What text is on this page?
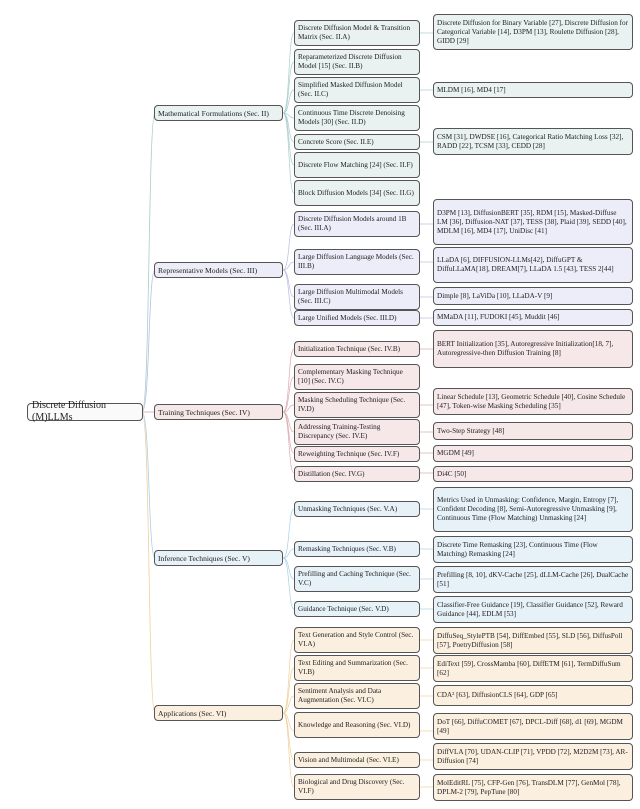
Discrete Diffusion (M)LLMs
Mathematical Formulations (Sec. II)
Representative Models (Sec. III)
Training Techniques (Sec. IV)
Inference Techniques (Sec. V)
Applications (Sec. VI)
Discrete Diffusion Model & Transition Matrix (Sec. II.A)
Reparameterized Discrete Diffusion Model [15] (Sec. II.B)
Simplified Masked Diffusion Model (Sec. II.C)
Continuous Time Discrete Denoising Models [30] (Sec. II.D)
Concrete Score (Sec. II.E)
Discrete Flow Matching [24] (Sec. II.F)
Block Diffusion Models [34] (Sec. II.G)
Discrete Diffusion Models around 1B (Sec. III.A)
Large Diffusion Language Models (Sec. III.B)
Large Diffusion Multimodal Models (Sec. III.C)
Large Unified Models (Sec. III.D)
Initialization Technique (Sec. IV.B)
Complementary Masking Technique [10] (Sec. IV.C)
Masking Scheduling Technique (Sec. IV.D)
Addressing Training-Testing Discrepancy (Sec. IV.E)
Reweighting Technique (Sec. IV.F)
Distillation (Sec. IV.G)
Unmasking Techniques (Sec. V.A)
Remasking Techniques (Sec. V.B)
Prefilling and Caching Technique (Sec. V.C)
Guidance Technique (Sec. V.D)
Text Generation and Style Control (Sec. VI.A)
Text Editing and Summarization (Sec. VI.B)
Sentiment Analysis and Data Augmentation (Sec. VI.C)
Knowledge and Reasoning (Sec. VI.D)
Vision and Multimodal (Sec. VI.E)
Biological and Drug Discovery (Sec. VI.F)
Discrete Diffusion for Binary Variable [27], Discrete Diffusion for Categorical Variable [14], D3PM [13], Roulette Diffusion [28], GIDD [29]
MLDM [16], MD4 [17]
CSM [31], DWDSE [16], Categorical Ratio Matching Loss [32], RADD [22], TCSM [33], CEDD [28]
D3PM [13], DiffusionBERT [35], RDM [15], Masked-Diffuse LM [36], Diffusion-NAT [37], TESS [38], Plaid [39], SEDD [40], MDLM [16], MD4 [17], UniDisc [41]
LLaDA [6], DIFFUSION-LLMs[42], DiffuGPT & DiffuLLaMA[18], DREAM[7], LLaDA 1.5 [43], TESS 2[44]
Dimple [8], LaViDa [10], LLaDA-V [9]
MMaDA [11], FUDOKI [45], Muddit [46]
BERT Initialization [35], Autoregressive Initialization[18, 7], Autoregressive-then Diffusion Training [8]
Linear Schedule [13], Geometric Schedule [40], Cosine Schedule [47], Token-wise Masking Scheduling [35]
Two-Step Strategy [48]
MGDM [49]
Di4C [50]
Metrics Used in Unmasking: Confidence, Margin, Entropy [7], Confident Decoding [8], Semi-Autoregressive Unmasking [9], Continuous Time (Flow Matching) Unmasking [24]
Discrete Time Remasking [23], Continuous Time (Flow Matching) Remasking [24]
Prefilling [8, 10], dKV-Cache [25], dLLM-Cache [26], DualCache [51]
Classifier-Free Guidance [19], Classifier Guidance [52], Reward Guidance [44], EDLM [53]
DiffuSeq_StylePTB [54], DiffEmbed [55], SLD [56], DiffusPoll [57], PoetryDiffusion [58]
EdiText [59], CrossMamba [60], DiffETM [61], TermDiffuSum [62]
CDA² [63], DiffusionCLS [64], GDP [65]
DoT [66], DiffuCOMET [67], DPCL-Diff [68], d1 [69], MGDM [49]
DiffVLA [70], UDAN-CLIP [71], VPDD [72], M2D2M [73], AR-Diffusion [74]
MolEditRL [75], CFP-Gen [76], TransDLM [77], GenMol [78], DPLM-2 [79], PepTune [80]
